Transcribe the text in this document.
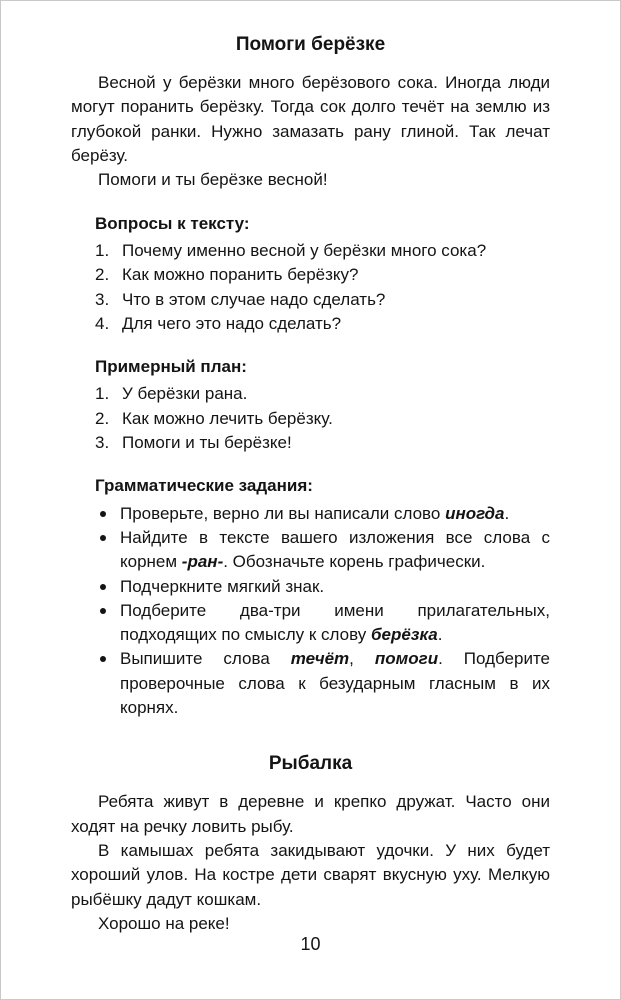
Помоги берёзке

Весной у берёзки много берёзового сока. Иногда люди могут поранить берёзку. Тогда сок долго течёт на землю из глубокой ранки. Нужно замазать рану глиной. Так лечат берёзу.

Помоги и ты берёзке весной!

Вопросы к тексту:
Почему именно весной у берёзки много сока?
Как можно поранить берёзку?
Что в этом случае надо сделать?
Для чего это надо сделать?
Примерный план:
У берёзки рана.
Как можно лечить берёзку.
Помоги и ты берёзке!
Грамматические задания:
Проверьте, верно ли вы написали слово иногда.
Найдите в тексте вашего изложения все слова с корнем -ран-. Обозначьте корень графически.
Подчеркните мягкий знак.
Подберите два-три имени прилагательных, подходящих по смыслу к слову берёзка.
Выпишите слова течёт, помоги. Подберите проверочные слова к безударным гласным в их корнях.
Рыбалка

Ребята живут в деревне и крепко дружат. Часто они ходят на речку ловить рыбу.

В камышах ребята закидывают удочки. У них будет хороший улов. На костре дети сварят вкусную уху. Мелкую рыбёшку дадут кошкам.

Хорошо на реке!

10
